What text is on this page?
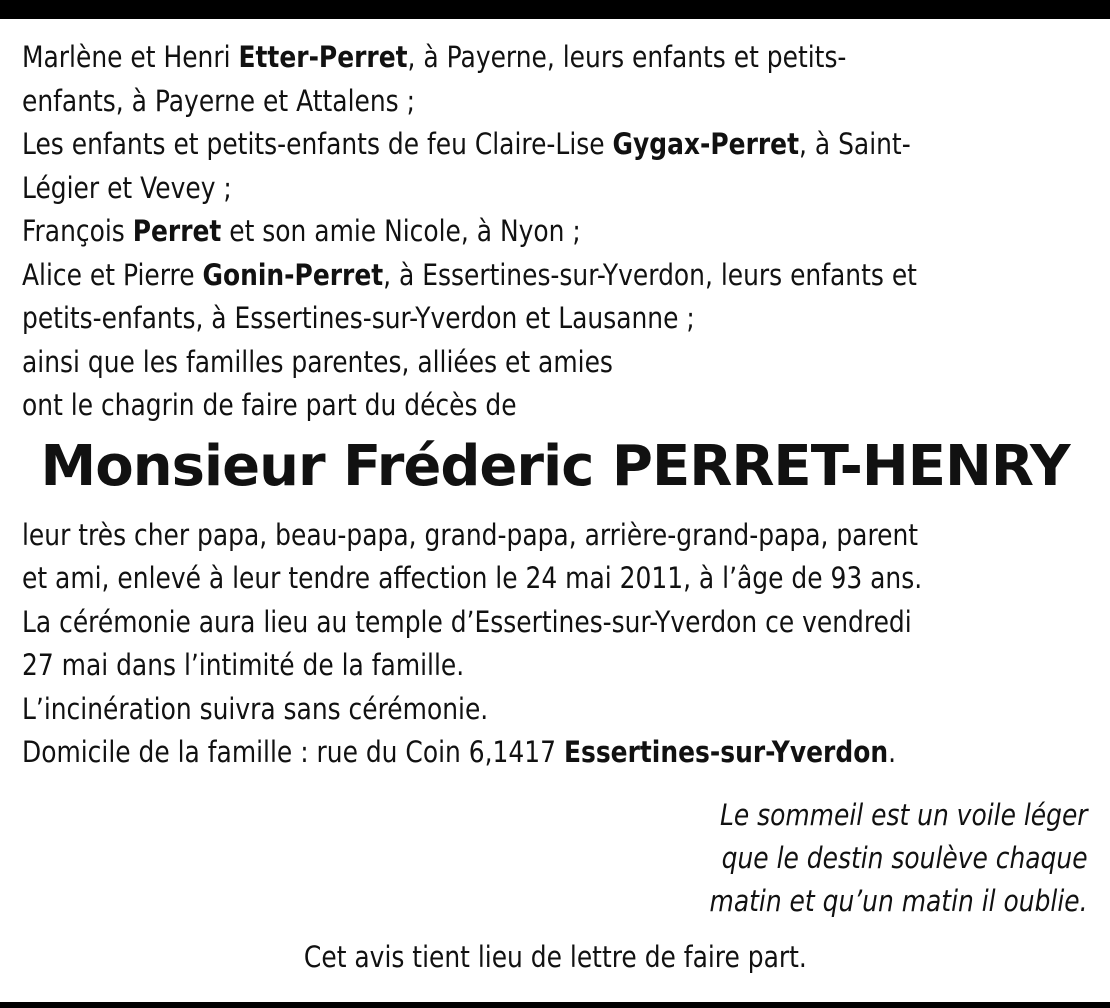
Marlène et Henri Etter-Perret, à Payerne, leurs enfants et petits-
enfants, à Payerne et Attalens ;
Les enfants et petits-enfants de feu Claire-Lise Gygax-Perret, à Saint-
Légier et Vevey ;
François Perret et son amie Nicole, à Nyon ;
Alice et Pierre Gonin-Perret, à Essertines-sur-Yverdon, leurs enfants et
petits-enfants, à Essertines-sur-Yverdon et Lausanne ;
ainsi que les familles parentes, alliées et amies
ont le chagrin de faire part du décès de
Monsieur Fréderic PERRET-HENRY
leur très cher papa, beau-papa, grand-papa, arrière-grand-papa, parent
et ami, enlevé à leur tendre affection le 24 mai 2011, à l’âge de 93 ans.
La cérémonie aura lieu au temple d’Essertines-sur-Yverdon ce vendredi
27 mai dans l’intimité de la famille.
L’incinération suivra sans cérémonie.
Domicile de la famille : rue du Coin 6,1417 Essertines-sur-Yverdon.
Le sommeil est un voile léger
que le destin soulève chaque
matin et qu’un matin il oublie.
Cet avis tient lieu de lettre de faire part.
